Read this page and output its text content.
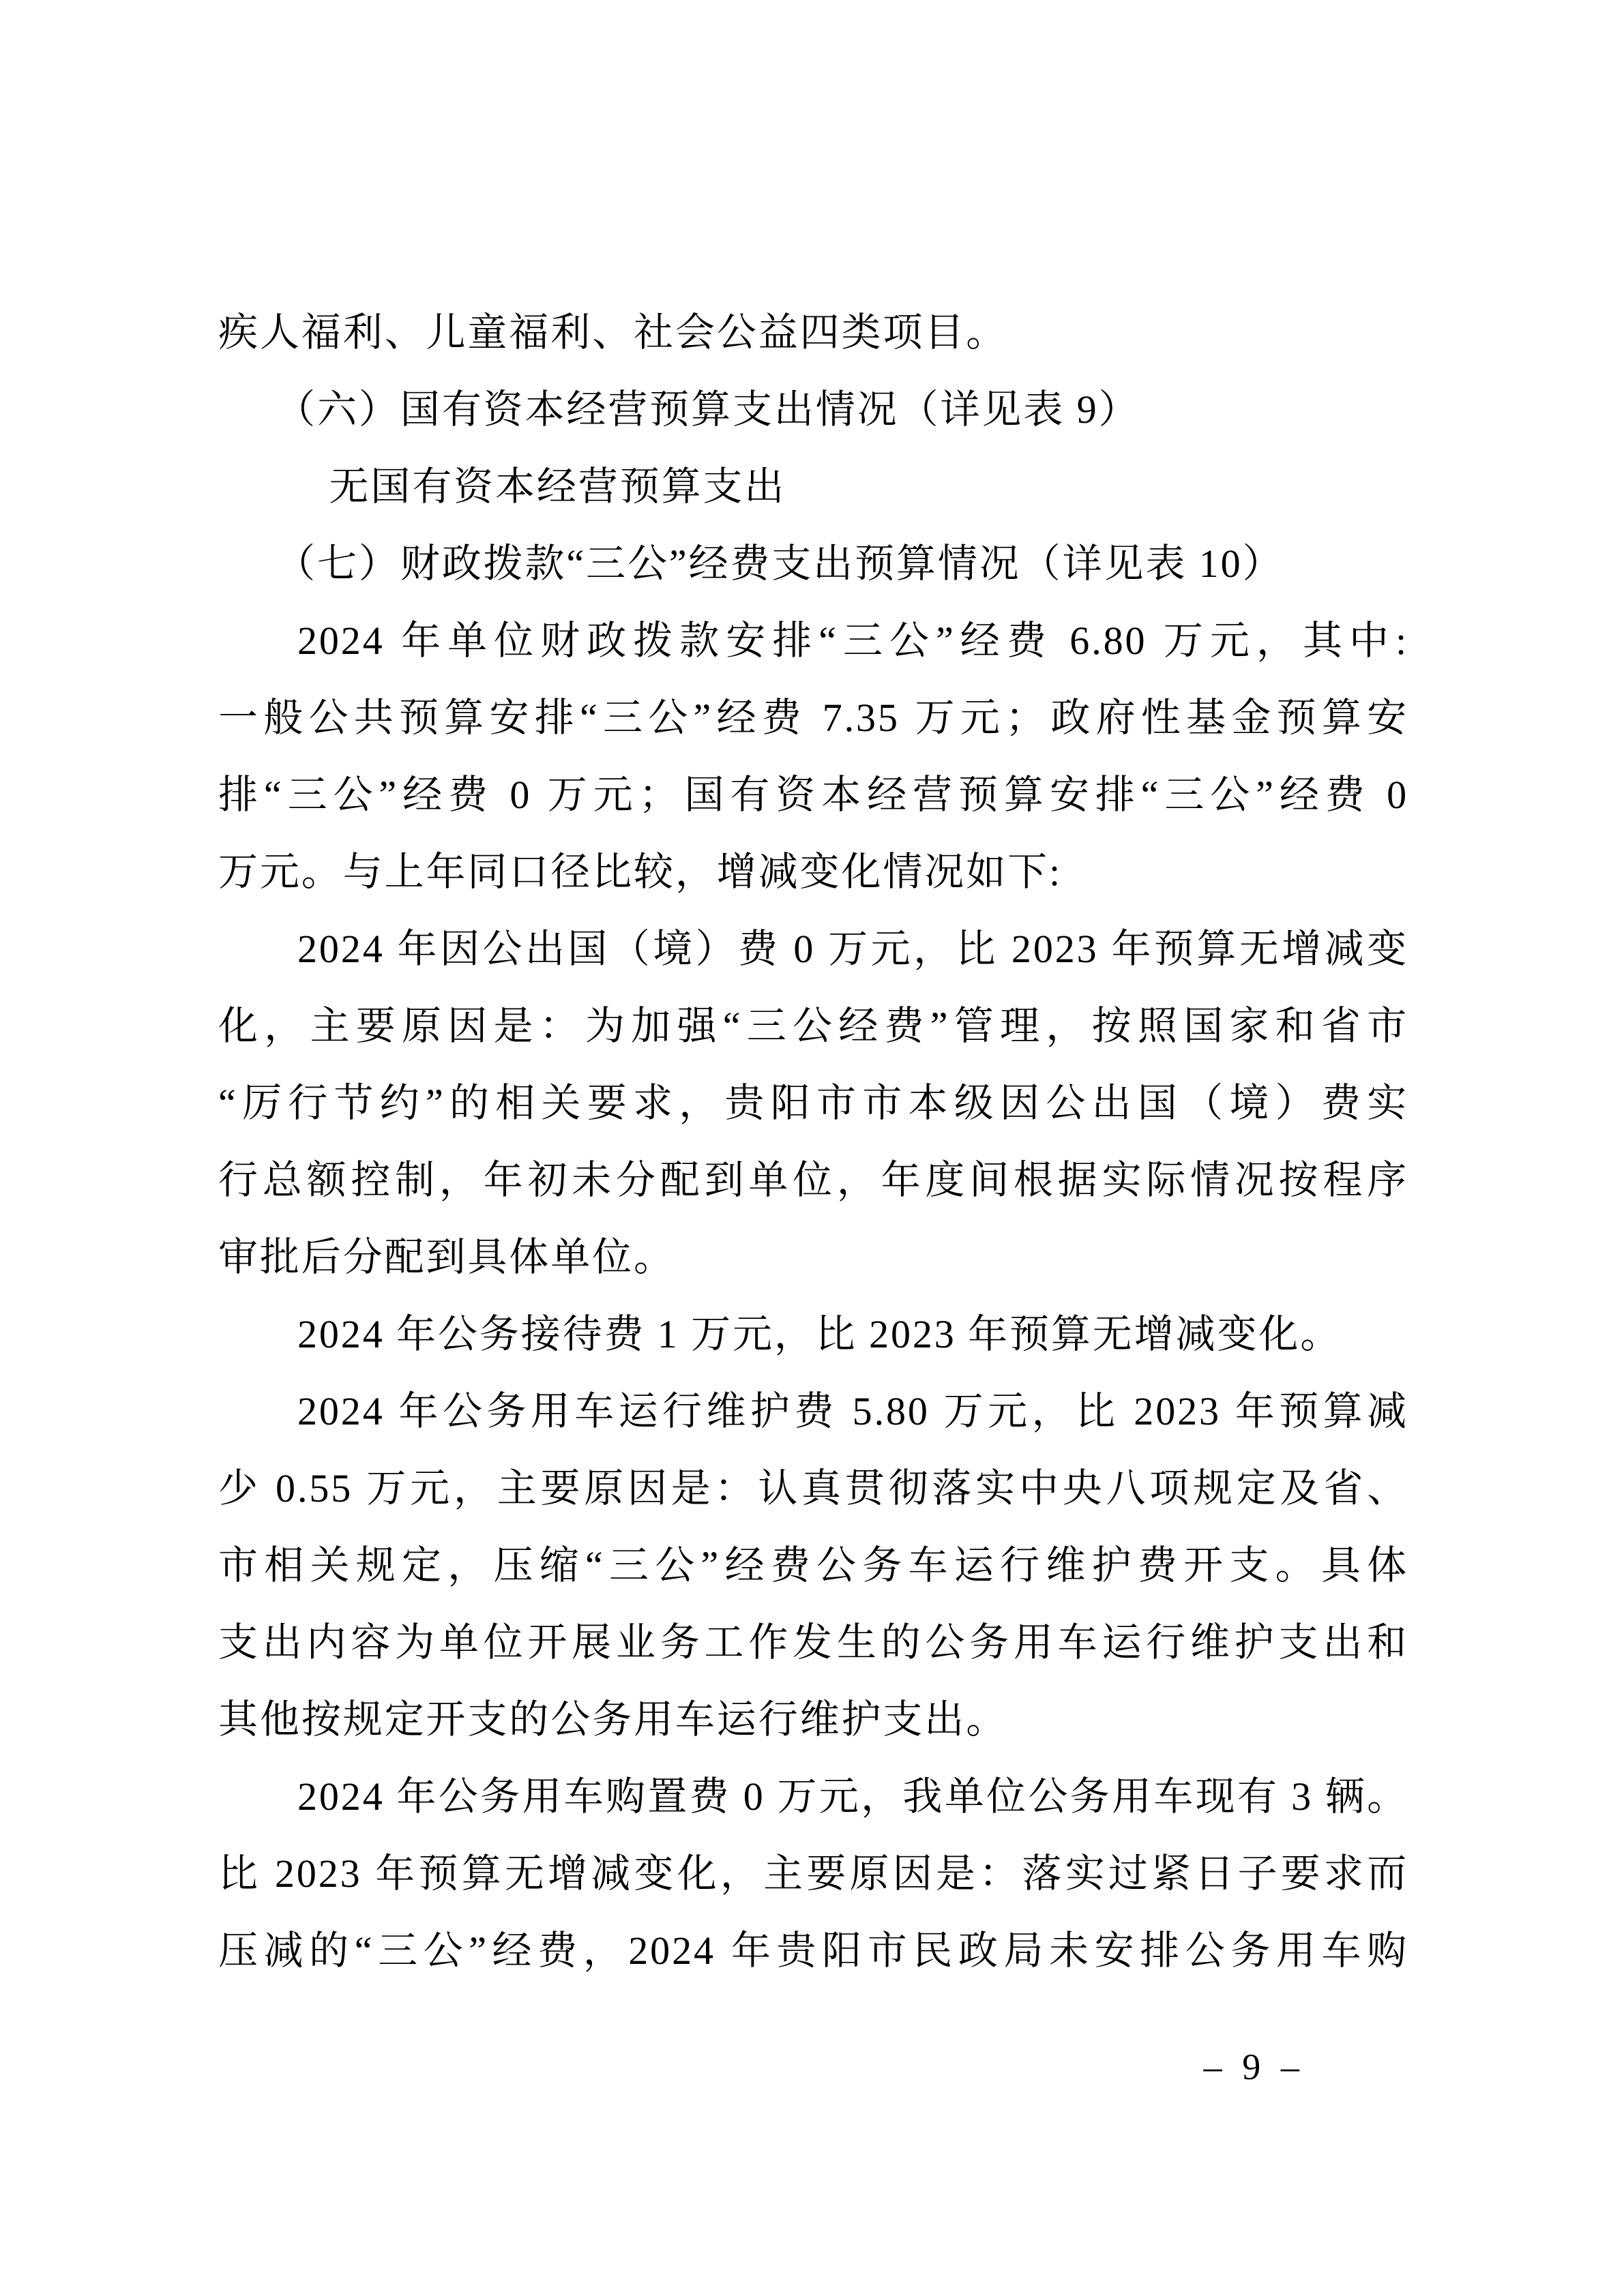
疾人福利、儿童福利、社会公益四类项目。
（六）国有资本经营预算支出情况（详见表 9）
无国有资本经营预算支出
（七）财政拨款“三公”经费支出预算情况（详见表 10）
2024 年单位财政拨款安排“三公”经费 6.80 万元，其中:
一般公共预算安排“三公”经费 7.35 万元；政府性基金预算安
排“三公”经费 0 万元；国有资本经营预算安排“三公”经费 0
万元。与上年同口径比较，增减变化情况如下:
2024 年因公出国（境）费 0 万元，比 2023 年预算无增减变
化，主要原因是：为加强“三公经费”管理，按照国家和省市
“厉行节约”的相关要求，贵阳市市本级因公出国（境）费实
行总额控制，年初未分配到单位，年度间根据实际情况按程序
审批后分配到具体单位。
2024 年公务接待费 1 万元，比 2023 年预算无增减变化。
2024 年公务用车运行维护费 5.80 万元，比 2023 年预算减
少 0.55 万元，主要原因是：认真贯彻落实中央八项规定及省、
市相关规定，压缩“三公”经费公务车运行维护费开支。具体
支出内容为单位开展业务工作发生的公务用车运行维护支出和
其他按规定开支的公务用车运行维护支出。
2024 年公务用车购置费 0 万元，我单位公务用车现有 3 辆。
比 2023 年预算无增减变化，主要原因是：落实过紧日子要求而
压减的“三公”经费，2024 年贵阳市民政局未安排公务用车购
– 9 –
